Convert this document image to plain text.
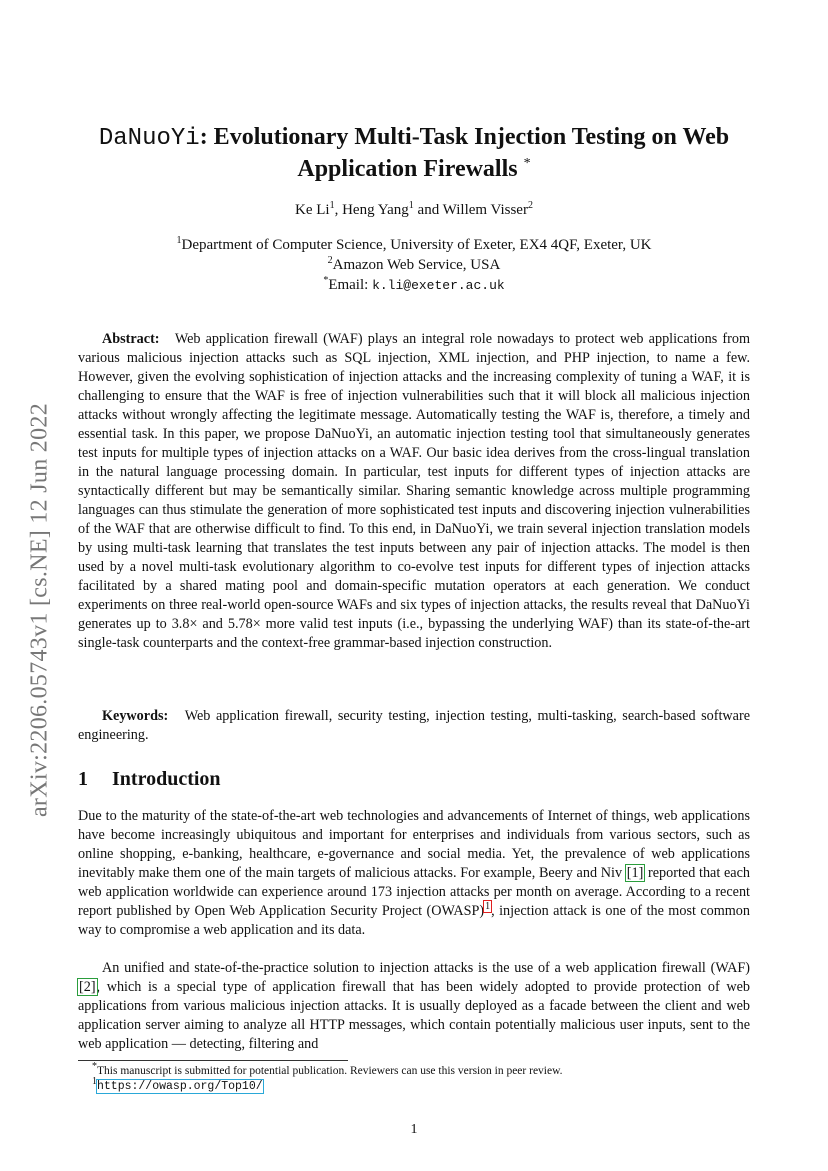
arXiv:2206.05743v1 [cs.NE] 12 Jun 2022
DaNuoYi: Evolutionary Multi-Task Injection Testing on Web Application Firewalls *
Ke Li$^1$, Heng Yang$^1$ and Willem Visser$^2$
$^1$Department of Computer Science, University of Exeter, EX4 4QF, Exeter, UK
$^2$Amazon Web Service, USA
*Email: k.li@exeter.ac.uk

Abstract: Web application firewall (WAF) plays an integral role nowadays to protect web applications from various malicious injection attacks such as SQL injection, XML injection, and PHP injection, to name a few. However, given the evolving sophistication of injection attacks and the increasing complexity of tuning a WAF, it is challenging to ensure that the WAF is free of injection vulnerabilities such that it will block all malicious injection attacks without wrongly affecting the legitimate message. Automatically testing the WAF is, therefore, a timely and essential task. In this paper, we propose DaNuoYi, an automatic injection testing tool that simultaneously generates test inputs for multiple types of injection attacks on a WAF. Our basic idea derives from the cross-lingual translation in the natural language processing domain. In particular, test inputs for different types of injection attacks are syntactically different but may be semantically similar. Sharing semantic knowledge across multiple programming languages can thus stimulate the generation of more sophisticated test inputs and discovering injection vulnerabilities of the WAF that are otherwise difficult to find. To this end, in DaNuoYi, we train several injection translation models by using multi-task learning that translates the test inputs between any pair of injection attacks. The model is then used by a novel multi-task evolutionary algorithm to co-evolve test inputs for different types of injection attacks facilitated by a shared mating pool and domain-specific mutation operators at each generation. We conduct experiments on three real-world open-source WAFs and six types of injection attacks, the results reveal that DaNuoYi generates up to 3.8× and 5.78× more valid test inputs (i.e., bypassing the underlying WAF) than its state-of-the-art single-task counterparts and the context-free grammar-based injection construction.

Keywords: Web application firewall, security testing, injection testing, multi-tasking, search-based software engineering.

1 Introduction

Due to the maturity of the state-of-the-art web technologies and advancements of Internet of things, web applications have become increasingly ubiquitous and important for enterprises and individuals from various sectors, such as online shopping, e-banking, healthcare, e-governance and social media. Yet, the prevalence of web applications inevitably make them one of the main targets of malicious attacks. For example, Beery and Niv [1] reported that each web application worldwide can experience around 173 injection attacks per month on average. According to a recent report published by Open Web Application Security Project (OWASP)$^1$, injection attack is one of the most common way to compromise a web application and its data.

An unified and state-of-the-practice solution to injection attacks is the use of a web application firewall (WAF) [2], which is a special type of application firewall that has been widely adopted to provide protection of web applications from various malicious injection attacks. It is usually deployed as a facade between the client and web application server aiming to analyze all HTTP messages, which contain potentially malicious user inputs, sent to the web application — detecting, filtering and

*This manuscript is submitted for potential publication. Reviewers can use this version in peer review.
$^1$https://owasp.org/Top10/
1
